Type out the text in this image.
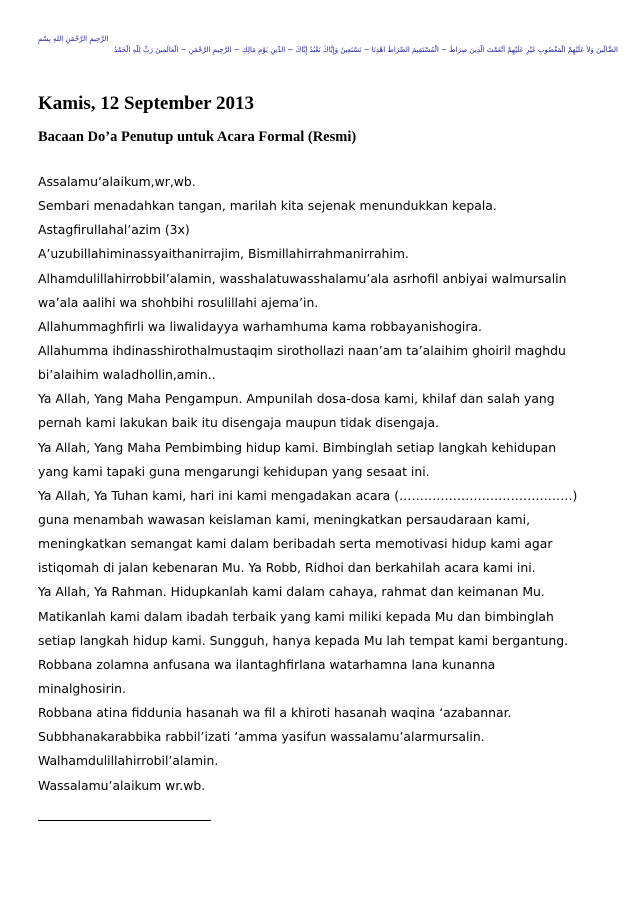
الرَّحِيمِ الرَّحْمَنِ اللهِ بِسْمِ
الضَّالِّينَ وَلاَ عَلَيْهِمْ الْمَغْضُوبِ غَيْرِ عَلَيْهِمْ أَنْعَمْتَ الَّذِينَ صِرَاطَ ~ الْمُسْتَقِيمَ الصِّرَاطَ اهْدِنَا ~ نَسْتَعِينُ وَإِيَّاكَ نَعْبُدُ إِيَّاكَ ~ الدِّينِ يَوْمِ مَالِكِ ~ الرَّحِيمِ الرَّحْمَنِ ~ الْعَالَمِينَ رَبِّ لِلَّهِ الْحَمْدُ
Kamis, 12 September 2013
Bacaan Do’a Penutup untuk Acara Formal (Resmi)
Assalamu’alaikum,wr,wb.
Sembari menadahkan tangan, marilah kita sejenak menundukkan kepala.
Astagfirullahal’azim (3x)
A’uzubillahiminassyaithanirrajim, Bismillahirrahmanirrahim.
Alhamdulillahirrobbil’alamin, wasshalatuwasshalamu’ala asrhofil anbiyai walmursalin
wa’ala aalihi wa shohbihi rosulillahi ajema’in.
Allahummaghfirli wa liwalidayya warhamhuma kama robbayanishogira.
Allahumma ihdinasshirothalmustaqim sirothollazi naan’am ta’alaihim ghoiril maghdu
bi’alaihim waladhollin,amin..
Ya Allah, Yang Maha Pengampun. Ampunilah dosa-dosa kami, khilaf dan salah yang
pernah kami lakukan baik itu disengaja maupun tidak disengaja.
Ya Allah, Yang Maha Pembimbing hidup kami. Bimbinglah setiap langkah kehidupan
yang kami tapaki guna mengarungi kehidupan yang sesaat ini.
Ya Allah, Ya Tuhan kami, hari ini kami mengadakan acara (……………………………………)
guna menambah wawasan keislaman kami, meningkatkan persaudaraan kami,
meningkatkan semangat kami dalam beribadah serta memotivasi hidup kami agar
istiqomah di jalan kebenaran Mu. Ya Robb, Ridhoi dan berkahilah acara kami ini.
Ya Allah, Ya Rahman. Hidupkanlah kami dalam cahaya, rahmat dan keimanan Mu.
Matikanlah kami dalam ibadah terbaik yang kami miliki kepada Mu dan bimbinglah
setiap langkah hidup kami. Sungguh, hanya kepada Mu lah tempat kami bergantung.
Robbana zolamna anfusana wa ilantaghfirlana watarhamna lana kunanna
minalghosirin.
Robbana atina fiddunia hasanah wa fil a khiroti hasanah waqina ‘azabannar.
Subbhanakarabbika rabbil’izati ‘amma yasifun wassalamu’alarmursalin.
Walhamdulillahirrobil’alamin.
Wassalamu’alaikum wr.wb.
